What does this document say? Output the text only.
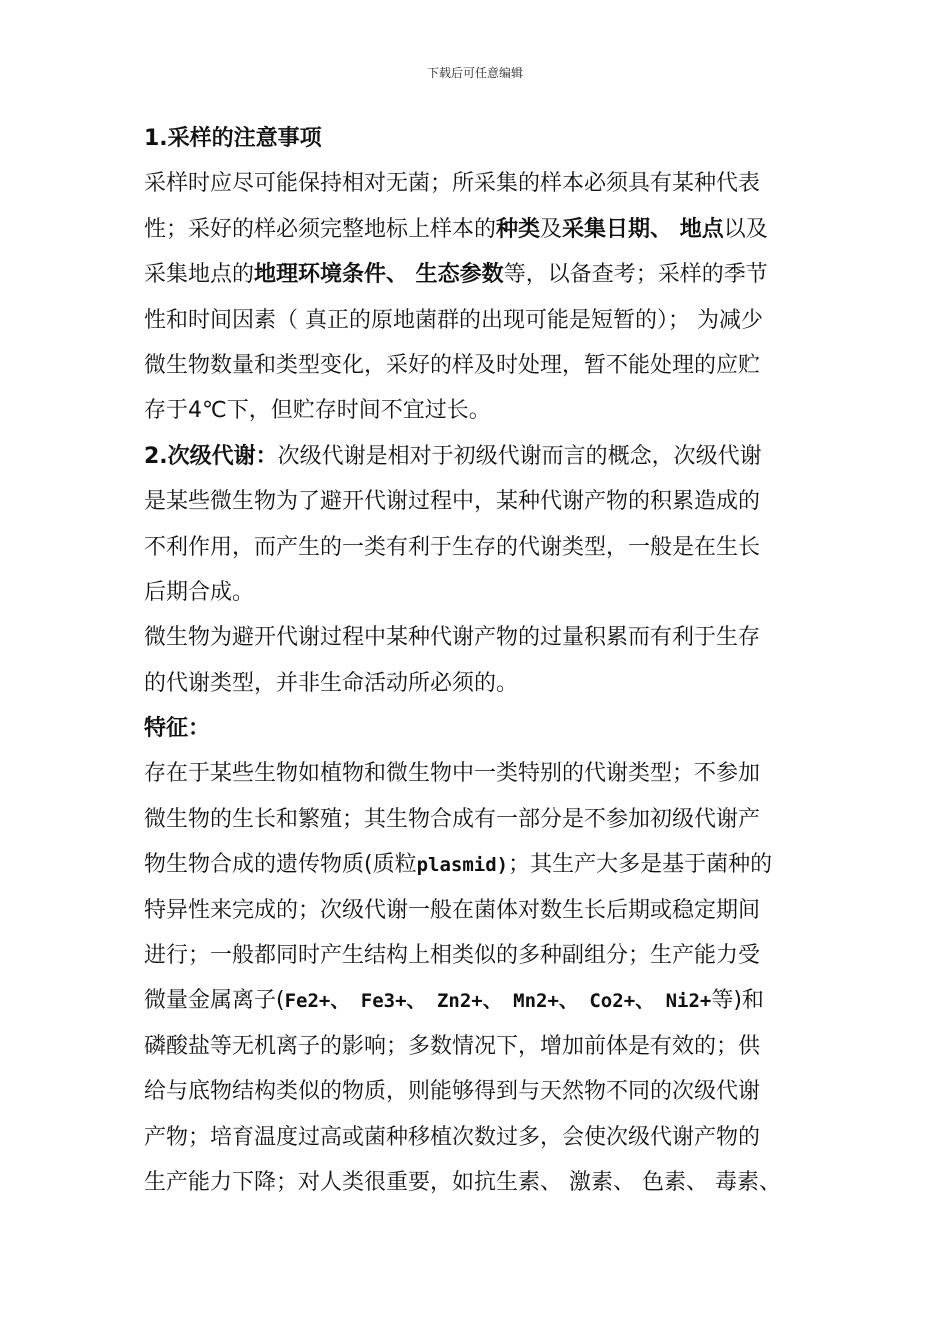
下载后可任意编辑
1.采样的注意事项
采样时应尽可能保持相对无菌；所采集的样本必须具有某种代表
性；采好的样必须完整地标上样本的种类及采集日期、 地点以及
采集地点的地理环境条件、 生态参数等，以备查考；采样的季节
性和时间因素（ 真正的原地菌群的出现可能是短暂的）； 为减少
微生物数量和类型变化，采好的样及时处理，暂不能处理的应贮
存于4℃下，但贮存时间不宜过长。
2.次级代谢：次级代谢是相对于初级代谢而言的概念，次级代谢
是某些微生物为了避开代谢过程中，某种代谢产物的积累造成的
不利作用，而产生的一类有利于生存的代谢类型，一般是在生长
后期合成。
微生物为避开代谢过程中某种代谢产物的过量积累而有利于生存
的代谢类型，并非生命活动所必须的。
特征：
存在于某些生物如植物和微生物中一类特别的代谢类型；不参加
微生物的生长和繁殖；其生物合成有一部分是不参加初级代谢产
物生物合成的遗传物质(质粒plasmid)；其生产大多是基于菌种的
特异性来完成的；次级代谢一般在菌体对数生长后期或稳定期间
进行；一般都同时产生结构上相类似的多种副组分；生产能力受
微量金属离子(Fe2+、 Fe3+、 Zn2+、 Mn2+、 Co2+、 Ni2+等)和
磷酸盐等无机离子的影响；多数情况下，增加前体是有效的；供
给与底物结构类似的物质，则能够得到与天然物不同的次级代谢
产物；培育温度过高或菌种移植次数过多，会使次级代谢产物的
生产能力下降；对人类很重要，如抗生素、 激素、 色素、 毒素、
